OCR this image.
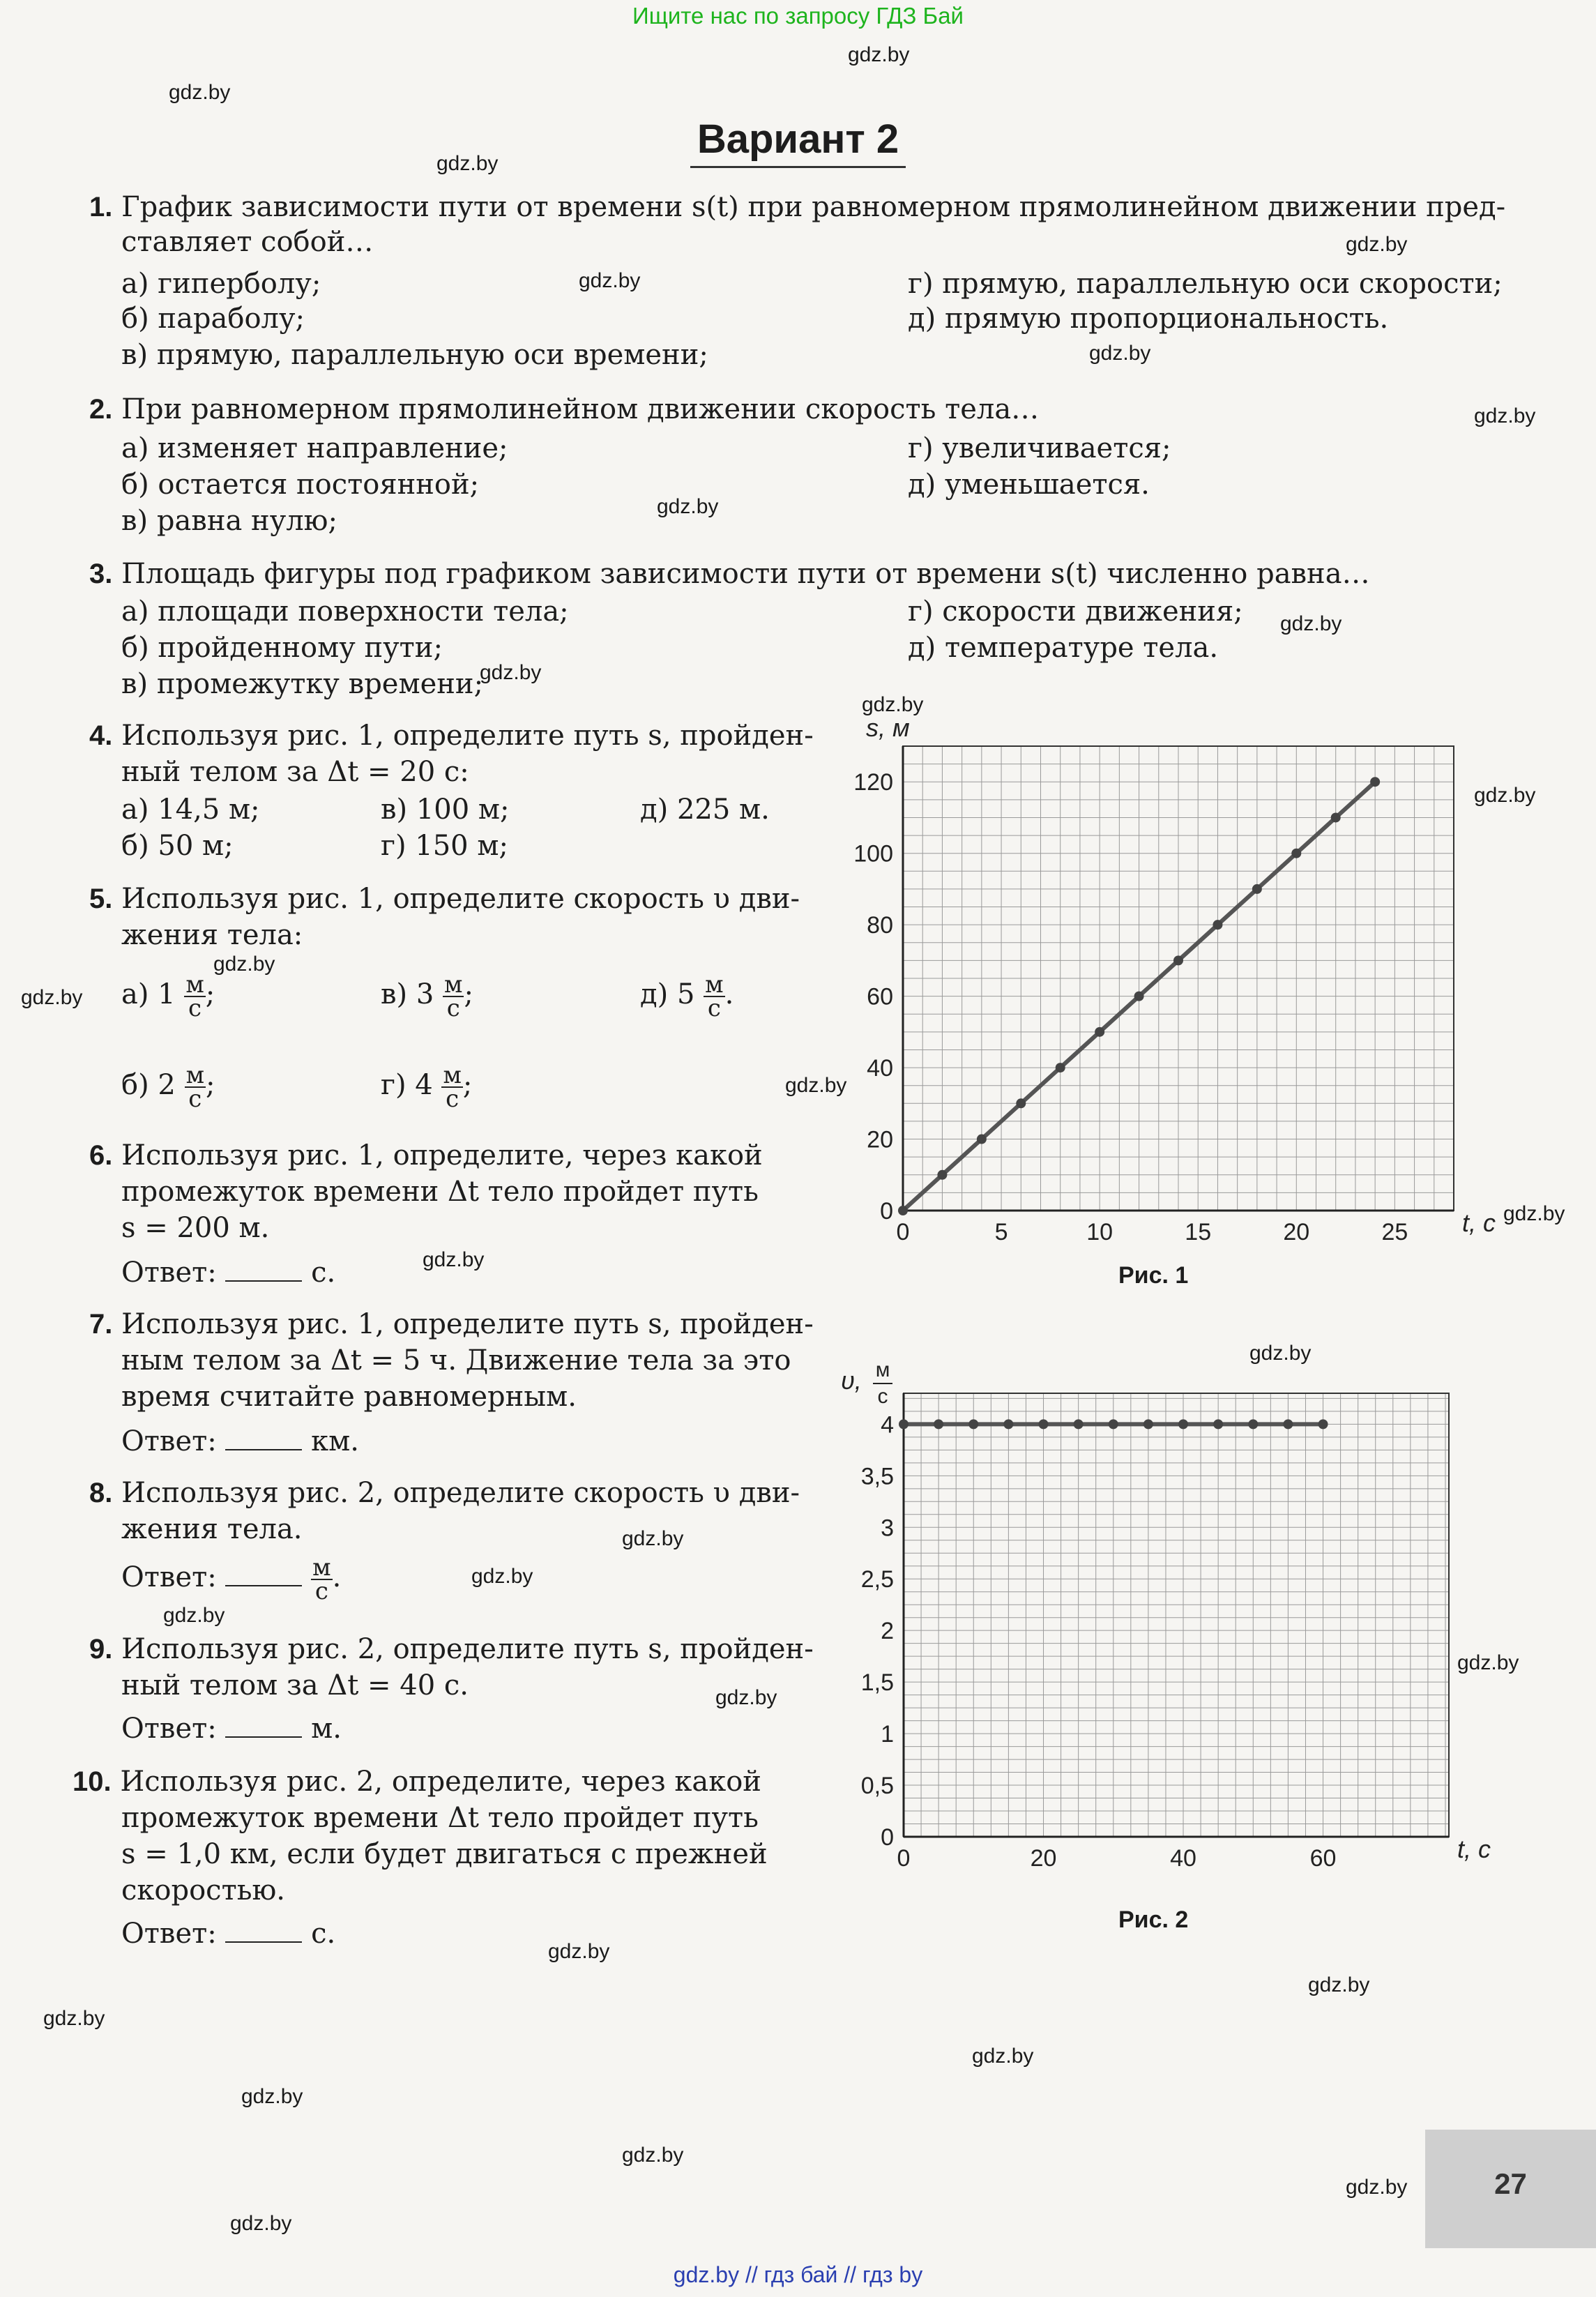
Ищите нас по запросу ГДЗ Бай
gdz.by
gdz.by
gdz.by
gdz.by
gdz.by
gdz.by
gdz.by
gdz.by
gdz.by
gdz.by
gdz.by
gdz.by
gdz.by
gdz.by
gdz.by
gdz.by
gdz.by
gdz.by
gdz.by
gdz.by
gdz.by
gdz.by
gdz.by
gdz.by
gdz.by
gdz.by
gdz.by
gdz.by
gdz.by
gdz.by
gdz.by
Вариант 2
1. График зависимости пути от времени s(t) при равномерном прямолинейном движении пред-
ставляет собой…
а) гиперболу;
б) параболу;
в) прямую, параллельную оси времени;
г) прямую, параллельную оси скорости;
д) прямую пропорциональность.
2. При равномерном прямолинейном движении скорость тела…
а) изменяет направление;
б) остается постоянной;
в) равна нулю;
г) увеличивается;
д) уменьшается.
3. Площадь фигуры под графиком зависимости пути от времени s(t) численно равна…
а) площади поверхности тела;
б) пройденному пути;
в) промежутку времени;
г) скорости движения;
д) температуре тела.
4. Используя рис. 1, определите путь s, пройден-
ный телом за Δt = 20 с:
а) 14,5 м;	в) 100 м;	д) 225 м.
б) 50 м;	г) 150 м;
5. Используя рис. 1, определите скорость υ дви-
жения тела:
а) $1 \frac{м}{с}$ ;	в) $3 \frac{м}{с}$ ;	д) $5 \frac{м}{с}$ .
б) $2 \frac{м}{с}$ ;	г) $4 \frac{м}{с}$ ;
6. Используя рис. 1, определите, через какой
промежуток времени Δt тело пройдет путь
s = 200 м.
Ответ:	с.
7. Используя рис. 1, определите путь s, пройден-
ным телом за Δt = 5 ч. Движение тела за это
время считайте равномерным.
Ответ:	км.
8. Используя рис. 2, определите скорость υ дви-
жения тела.
Ответ:	$\frac{м}{с}$ .
9. Используя рис. 2, определите путь s, пройден-
ный телом за Δt = 40 с.
Ответ:	м.
10. Используя рис. 2, определите, через какой
промежуток времени Δt тело пройдет путь
s = 1,0 км, если будет двигаться с прежней
скоростью.
Ответ:	с.
0	5	10	15	20	25
0
20
40
60
80
100
120
t, с
s, м
Рис. 1
0	20	40	60
0
0,5
1
1,5
2
2,5
3
3,5
4
t, с
υ, м
с
Рис. 2
27
gdz.by // гдз бай // гдз by
